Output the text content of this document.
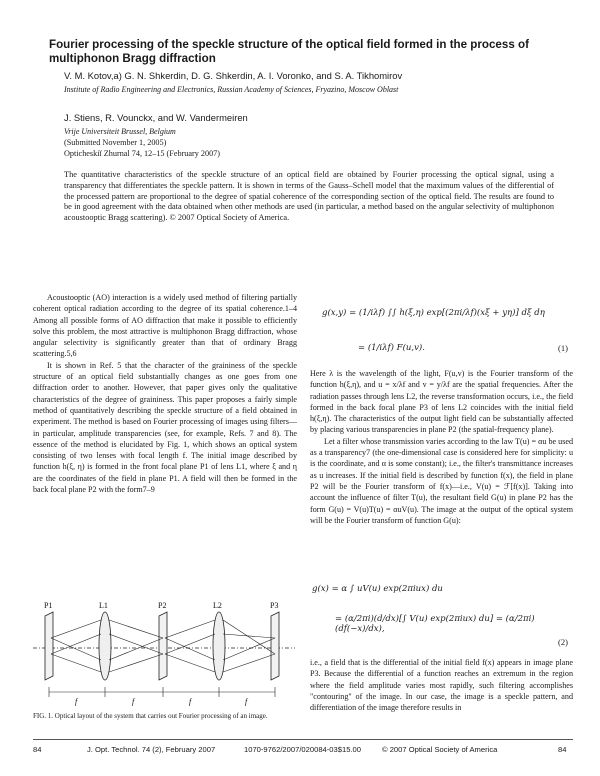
Fourier processing of the speckle structure of the optical field formed in the process of multiphonon Bragg diffraction
V. M. Kotov,a) G. N. Shkerdin, D. G. Shkerdin, A. I. Voronko, and S. A. Tikhomirov
Institute of Radio Engineering and Electronics, Russian Academy of Sciences, Fryazino, Moscow Oblast
J. Stiens, R. Vounckx, and W. Vandermeiren
Vrije Universiteit Brussel, Belgium
(Submitted November 1, 2005)
Opticheskiĭ Zhurnal 74, 12–15 (February 2007)
The quantitative characteristics of the speckle structure of an optical field are obtained by Fourier processing the optical signal, using a transparency that differentiates the speckle pattern. It is shown in terms of the Gauss–Schell model that the maximum values of the differential of the processed pattern are proportional to the degree of spatial coherence of the corresponding section of the optical field. The results are found to be in good agreement with the data obtained when other methods are used (in particular, a method based on the angular selectivity of multiphonon acoustooptic Bragg scattering). © 2007 Optical Society of America.

Acoustooptic (AO) interaction is a widely used method of filtering partially coherent optical radiation according to the degree of its spatial coherence.1–4 Among all possible forms of AO diffraction that make it possible to efficiently solve this problem, the most attractive is multiphonon Bragg diffraction, whose angular selectivity is significantly greater than that of ordinary Bragg scattering.5,6

It is shown in Ref. 5 that the character of the graininess of the speckle structure of an optical field substantially changes as one goes from one diffraction order to another. However, that paper gives only the qualitative characteristics of the degree of graininess. This paper proposes a fairly simple method of quantitatively describing the speckle structure of a field obtained in experiment. The method is based on Fourier processing of images using filters—in particular, amplitude transparencies (see, for example, Refs. 7 and 8). The essence of the method is elucidated by Fig. 1, which shows an optical system consisting of two lenses with focal length f. The initial image described by function h(ξ, η) is formed in the front focal plane P1 of lens L1, where ξ and η are the coordinates of the field in plane P1. A field will then be formed in the back focal plane P2 with the form7–9

P1	L1	P2	L2	P3
f	f	f	f
FIG. 1. Optical layout of the system that carries out Fourier processing of an image.
g(x,y) = (1/iλf) ∫∫ h(ξ,η) exp[(2πi/λf)(xξ + yη)] dξ dη
= (1/iλf) F(u,v).	(1)

Here λ is the wavelength of the light, F(u,v) is the Fourier transform of the function h(ξ,η), and u = x/λf and v = y/λf are the spatial frequencies. After the radiation passes through lens L2, the reverse transformation occurs, i.e., the field formed in the back focal plane P3 of lens L2 coincides with the initial field h(ξ,η). The characteristics of the output light field can be substantially affected by placing various transparencies in plane P2 (the spatial-frequency plane).

Let a filter whose transmission varies according to the law T(u) = αu be used as a transparency7 (the one-dimensional case is considered here for simplicity: u is the coordinate, and α is some constant); i.e., the filter's transmittance increases as u increases. If the initial field is described by function f(x), the field in plane P2 will be the Fourier transform of f(x)—i.e., V(u) = ℱ[f(x)]. Taking into account the influence of filter T(u), the resultant field G(u) in plane P2 has the form G(u) = V(u)T(u) = αuV(u). The image at the output of the optical system will be the Fourier transform of function G(u):

g(x) = α ∫ uV(u) exp(2πiux) du
= (α/2πi)(d/dx)[∫ V(u) exp(2πiux) du] = (α/2πi)(df(−x)/dx),
(2)
i.e., a field that is the differential of the initial field f(x) appears in image plane P3. Because the differential of a function reaches an extremum in the region where the field amplitude varies most rapidly, such filtering accomplishes "contouring" of the image. In our case, the image is a speckle pattern, and differentiation of the image therefore results in
84	J. Opt. Technol. 74 (2), February 2007	1070-9762/2007/020084-03$15.00	© 2007 Optical Society of America	84
